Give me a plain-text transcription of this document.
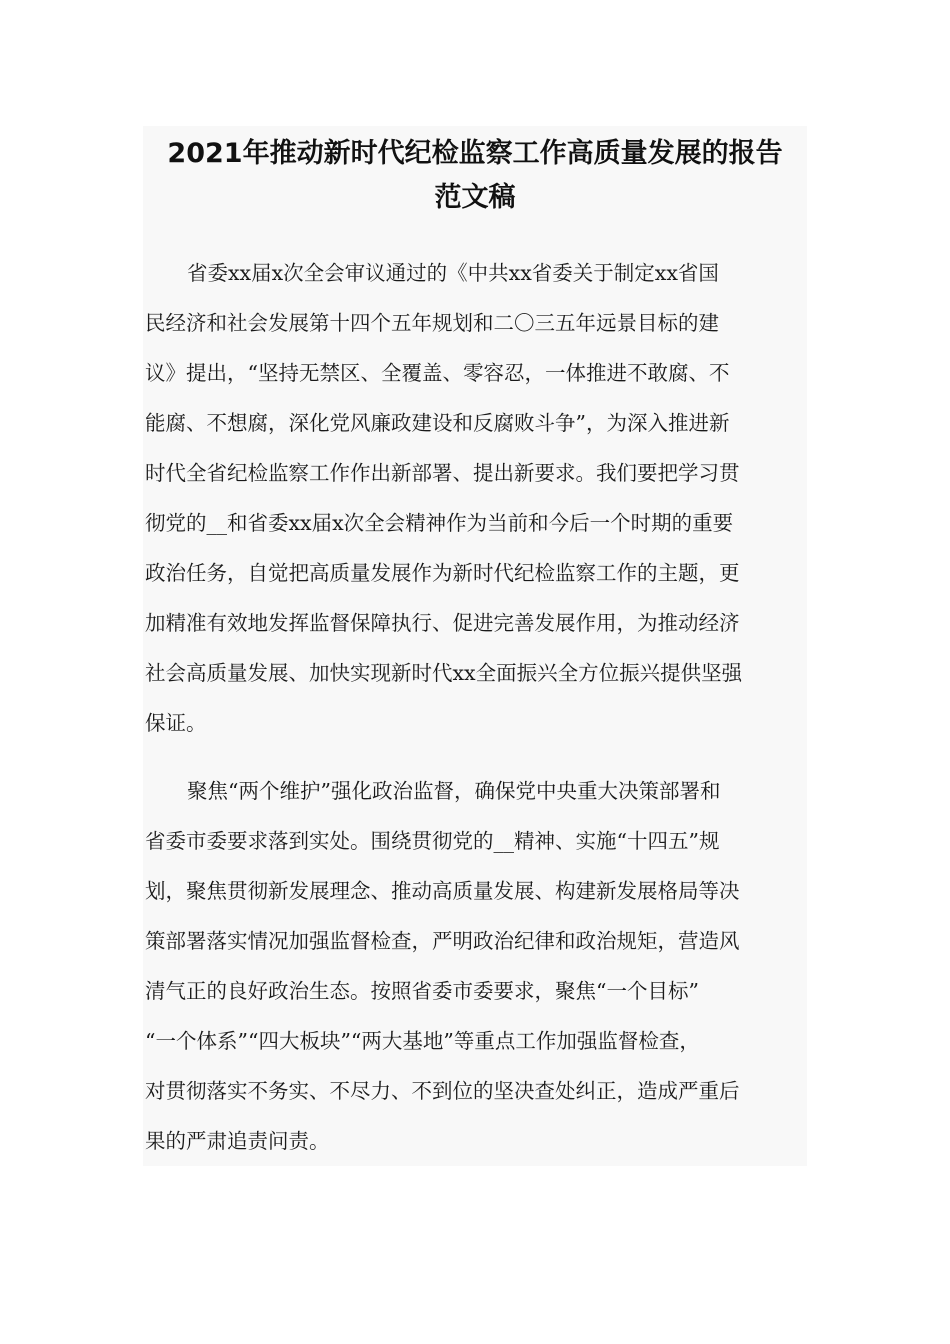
2021年推动新时代纪检监察工作高质量发展的报告
范文稿

省委xx届x次全会审议通过的《中共xx省委关于制定xx省国
民经济和社会发展第十四个五年规划和二〇三五年远景目标的建
议》提出，“坚持无禁区、全覆盖、零容忍，一体推进不敢腐、不
能腐、不想腐，深化党风廉政建设和反腐败斗争”，为深入推进新
时代全省纪检监察工作作出新部署、提出新要求。我们要把学习贯
彻党的__和省委xx届x次全会精神作为当前和今后一个时期的重要
政治任务，自觉把高质量发展作为新时代纪检监察工作的主题，更
加精准有效地发挥监督保障执行、促进完善发展作用，为推动经济
社会高质量发展、加快实现新时代xx全面振兴全方位振兴提供坚强
保证。

聚焦“两个维护”强化政治监督，确保党中央重大决策部署和
省委市委要求落到实处。围绕贯彻党的__精神、实施“十四五”规
划，聚焦贯彻新发展理念、推动高质量发展、构建新发展格局等决
策部署落实情况加强监督检查，严明政治纪律和政治规矩，营造风
清气正的良好政治生态。按照省委市委要求，聚焦“一个目标”
“一个体系”“四大板块”“两大基地”等重点工作加强监督检查，
对贯彻落实不务实、不尽力、不到位的坚决查处纠正，造成严重后
果的严肃追责问责。
